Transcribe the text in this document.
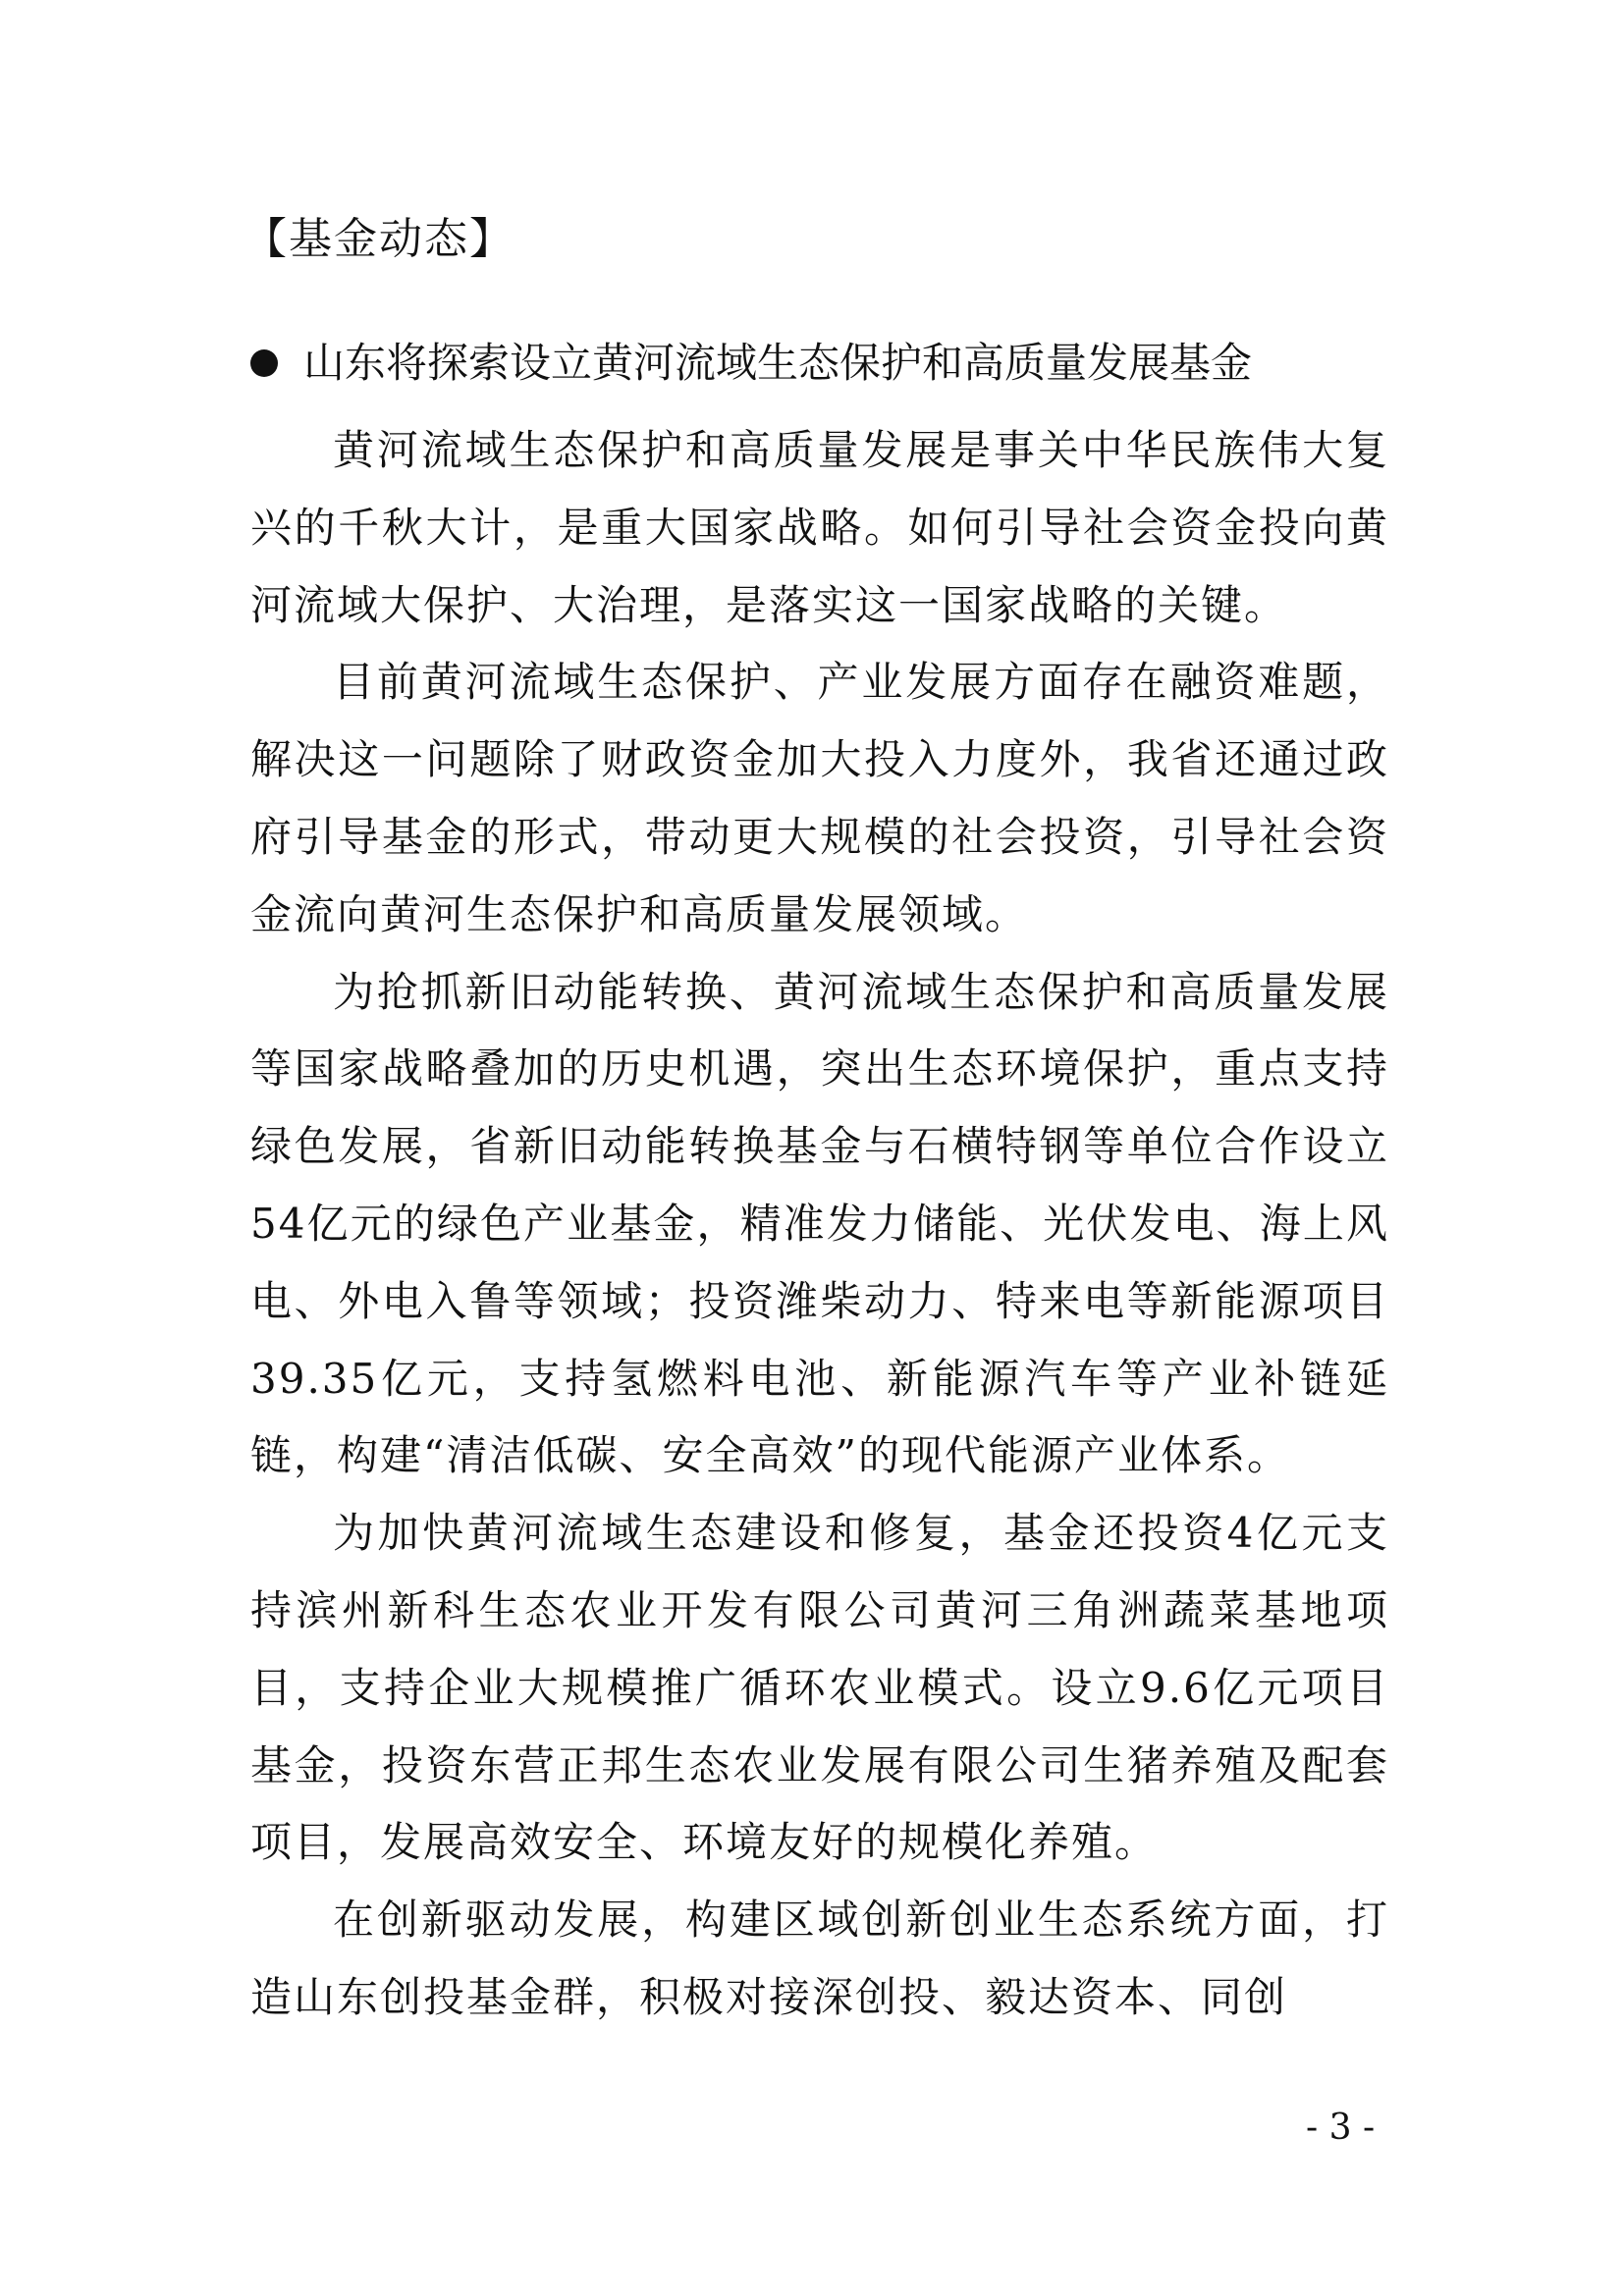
【基金动态】
山东将探索设立黄河流域生态保护和高质量发展基金

黄河流域生态保护和高质量发展是事关中华民族伟大复兴的千秋大计，是重大国家战略。如何引导社会资金投向黄河流域大保护、大治理，是落实这一国家战略的关键。

目前黄河流域生态保护、产业发展方面存在融资难题，解决这一问题除了财政资金加大投入力度外，我省还通过政府引导基金的形式，带动更大规模的社会投资，引导社会资金流向黄河生态保护和高质量发展领域。

为抢抓新旧动能转换、黄河流域生态保护和高质量发展等国家战略叠加的历史机遇，突出生态环境保护，重点支持绿色发展，省新旧动能转换基金与石横特钢等单位合作设立54亿元的绿色产业基金，精准发力储能、光伏发电、海上风电、外电入鲁等领域；投资潍柴动力、特来电等新能源项目39.35亿元，支持氢燃料电池、新能源汽车等产业补链延链，构建“清洁低碳、安全高效”的现代能源产业体系。

为加快黄河流域生态建设和修复，基金还投资4亿元支持滨州新科生态农业开发有限公司黄河三角洲蔬菜基地项目，支持企业大规模推广循环农业模式。设立9.6亿元项目基金，投资东营正邦生态农业发展有限公司生猪养殖及配套项目，发展高效安全、环境友好的规模化养殖。

在创新驱动发展，构建区域创新创业生态系统方面，打造山东创投基金群，积极对接深创投、毅达资本、同创

- 3 -
